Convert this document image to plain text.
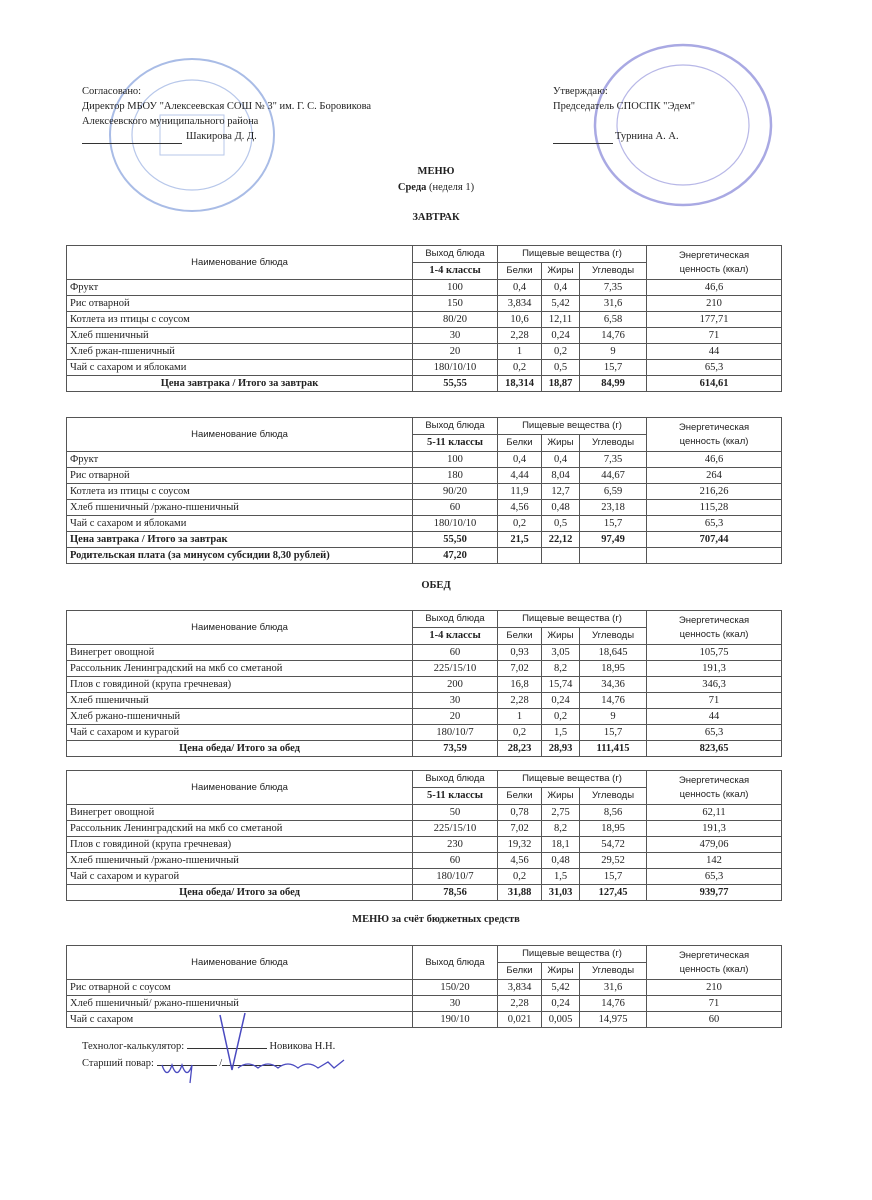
Согласовано:
Директор МБОУ "Алексеевская СОШ № 3" им. Г. С. Боровикова
Алексеевского муниципального района
Шакирова Д. Д.
Утверждаю:
Председатель СПОСПК "Эдем"
Турнина А. А.
МЕНЮ
Среда (неделя 1)
ЗАВТРАК
ОБЕД
МЕНЮ за счёт бюджетных средств
Наименование блюда	Выход блюда	Пищевые вещества (г)			Энергетическая ценность (ккал)
	1-4 классы	Белки	Жиры	Углеводы	
Фрукт	100	0,4	0,4	7,35	46,6
Рис отварной	150	3,834	5,42	31,6	210
Котлета из птицы с соусом	80/20	10,6	12,11	6,58	177,71
Хлеб пшеничный	30	2,28	0,24	14,76	71
Хлеб ржан-пшеничный	20	1	0,2	9	44
Чай с сахаром и яблоками	180/10/10	0,2	0,5	15,7	65,3
Цена завтрака / Итого за завтрак	55,55	18,314	18,87	84,99	614,61
Наименование блюда	Выход блюда	Пищевые вещества (г)			Энергетическая ценность (ккал)
	5-11 классы	Белки	Жиры	Углеводы	
Фрукт	100	0,4	0,4	7,35	46,6
Рис отварной	180	4,44	8,04	44,67	264
Котлета из птицы с соусом	90/20	11,9	12,7	6,59	216,26
Хлеб пшеничный /ржано-пшеничный	60	4,56	0,48	23,18	115,28
Чай с сахаром и яблоками	180/10/10	0,2	0,5	15,7	65,3
Цена завтрака / Итого за завтрак	55,50	21,5	22,12	97,49	707,44
Родительская плата (за минусом субсидии 8,30 рублей)	47,20				
Наименование блюда	Выход блюда	Пищевые вещества (г)			Энергетическая ценность (ккал)
	1-4 классы	Белки	Жиры	Углеводы	
Винегрет овощной	60	0,93	3,05	18,645	105,75
Рассольник Ленинградский на мкб со сметаной	225/15/10	7,02	8,2	18,95	191,3
Плов с говядиной (крупа гречневая)	200	16,8	15,74	34,36	346,3
Хлеб пшеничный	30	2,28	0,24	14,76	71
Хлеб ржано-пшеничный	20	1	0,2	9	44
Чай с сахаром и курагой	180/10/7	0,2	1,5	15,7	65,3
Цена обеда/ Итого за обед	73,59	28,23	28,93	111,415	823,65
Наименование блюда	Выход блюда	Пищевые вещества (г)			Энергетическая ценность (ккал)
	5-11 классы	Белки	Жиры	Углеводы	
Винегрет овощной	50	0,78	2,75	8,56	62,11
Рассольник Ленинградский на мкб со сметаной	225/15/10	7,02	8,2	18,95	191,3
Плов с говядиной (крупа гречневая)	230	19,32	18,1	54,72	479,06
Хлеб пшеничный /ржано-пшеничный	60	4,56	0,48	29,52	142
Чай с сахаром и курагой	180/10/7	0,2	1,5	15,7	65,3
Цена обеда/ Итого за обед	78,56	31,88	31,03	127,45	939,77
Наименование блюда	Выход блюда	Пищевые вещества (г)			Энергетическая ценность (ккал)
		Белки	Жиры	Углеводы	
Рис отварной с соусом	150/20	3,834	5,42	31,6	210
Хлеб пшеничный/ ржано-пшеничный	30	2,28	0,24	14,76	71
Чай с сахаром	190/10	0,021	0,005	14,975	60
Технолог-калькулятор:	Новикова Н.Н.
Старший повар:	/
